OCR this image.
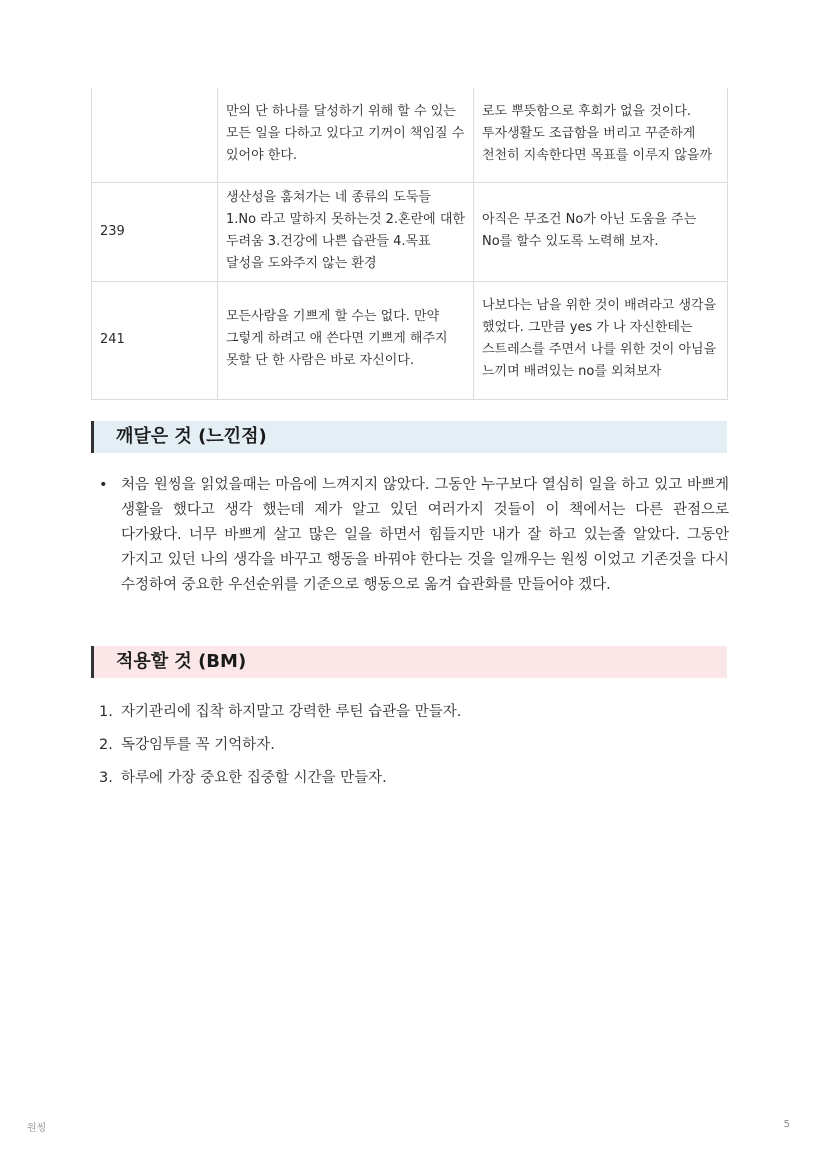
	만의 단 하나를 달성하기 위해 할 수 있는 모든 일을 다하고 있다고 기꺼이 책임질 수 있어야 한다.	로도 뿌뜻함으로 후회가 없을 것이다. 투자생활도 조급함을 버리고 꾸준하게 천천히 지속한다면 목표를 이루지 않을까

239	생산성을 훔쳐가는 네 종류의 도둑들 1.No 라고 말하지 못하는것 2.혼란에 대한 두려움 3.건강에 나쁜 습관들 4.목표 달성을 도와주지 않는 환경	아직은 무조건 No가 아닌 도움을 주는 No를 할수 있도록 노력해 보자.

241	모든사람을 기쁘게 할 수는 없다. 만약 그렇게 하려고 애 쓴다면 기쁘게 해주지 못할 단 한 사람은 바로 자신이다.	나보다는 남을 위한 것이 배려라고 생각을 했었다. 그만큼 yes 가 나 자신한테는 스트레스를 주면서 나를 위한 것이 아님을 느끼며 배려있는 no를 외쳐보자
깨달은 것 (느낀점)
• 처음 원씽을 읽었을때는 마음에 느껴지지 않았다. 그동안 누구보다 열심히 일을 하고 있고 바쁘게 생활을 했다고 생각 했는데 제가 알고 있던 여러가지 것들이 이 책에서는 다른 관점으로 다가왔다. 너무 바쁘게 살고 많은 일을 하면서 힘들지만 내가 잘 하고 있는줄 알았다. 그동안 가지고 있던 나의 생각을 바꾸고 행동을 바꿔야 한다는 것을 일깨우는 원씽 이었고 기존것을 다시 수정하여 중요한 우선순위를 기준으로 행동으로 옮겨 습관화를 만들어야 겠다.
적용할 것 (BM)
1. 자기관리에 집착 하지말고 강력한 루틴 습관을 만들자.
2. 독강임투를 꼭 기억하자.
3. 하루에 가장 중요한 집중할 시간을 만들자.
원씽	5
